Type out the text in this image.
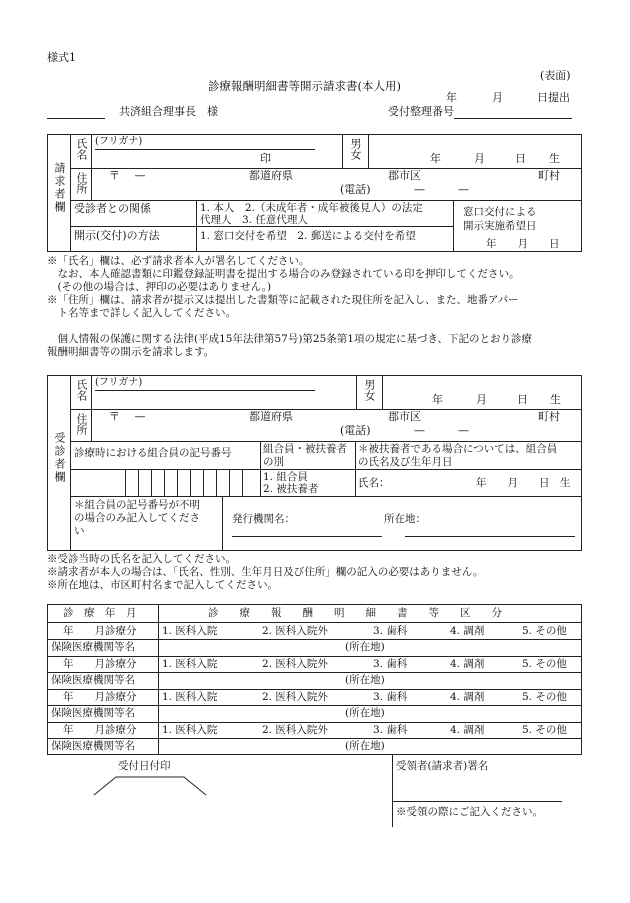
様式1
(表面)
診療報酬明細書等開示請求書(本人用)
年	月	日提出
共済組合理事長　様	受付整理番号
請求者欄
氏名 (フリガナ)
印	男女	年	月	日 生
住所 〒　 —	都道府県	郡市区	町村
(電話)	—　　　—
受診者との関係	1. 本人　2.（未成年者・成年被後見人）の法定
代理人　3. 任意代理人
開示(交付)の方法	1. 窓口交付を希望　2. 郵送による交付を希望
窓口交付による
開示実施希望日
年　　月　　日
※「氏名」欄は、必ず請求者本人が署名してください。
　なお、本人確認書類に印鑑登録証明書を提出する場合のみ登録されている印を押印してください。
　(その他の場合は、押印の必要はありません。)
※「住所」欄は、請求者が提示又は提出した書類等に記載された現住所を記入し、また、地番アパー
　ト名等まで詳しく記入してください。
　個人情報の保護に関する法律(平成15年法律第57号)第25条第1項の規定に基づき、下記のとおり診療
報酬明細書等の開示を請求します。
受診者欄
氏名 (フリガナ)	男女	年	月	日 生
住所 〒　 —	都道府県	郡市区	町村
(電話)	—　　　—
診療時における組合員の記号番号	組合員・被扶養者
の別
＊被扶養者である場合については、組合員
の氏名及び生年月日
1. 組合員
2. 被扶養者	氏名：	年　　月　　日　生
＊組合員の記号番号が不明
の場合のみ記入してくださ
い
発行機関名：	所在地：
※受診当時の氏名を記入してください。
※請求者が本人の場合は、「氏名、性別、生年月日及び住所」欄の記入の必要はありません。
※所在地は、市区町村名まで記入してください。
診　療　年　月	診　　療　　報　　酬　　明　　細　　書　　等　　区　　分
年　　月診療分 1. 医科入院	2. 医科入院外	3. 歯科	4. 調剤	5. その他
保険医療機関等名	(所在地)
年　　月診療分 1. 医科入院	2. 医科入院外	3. 歯科	4. 調剤	5. その他
保険医療機関等名	(所在地)
年　　月診療分 1. 医科入院	2. 医科入院外	3. 歯科	4. 調剤	5. その他
保険医療機関等名	(所在地)
年　　月診療分 1. 医科入院	2. 医科入院外	3. 歯科	4. 調剤	5. その他
保険医療機関等名	(所在地)
受付日付印	受領者(請求者)署名
※受領の際にご記入ください。
